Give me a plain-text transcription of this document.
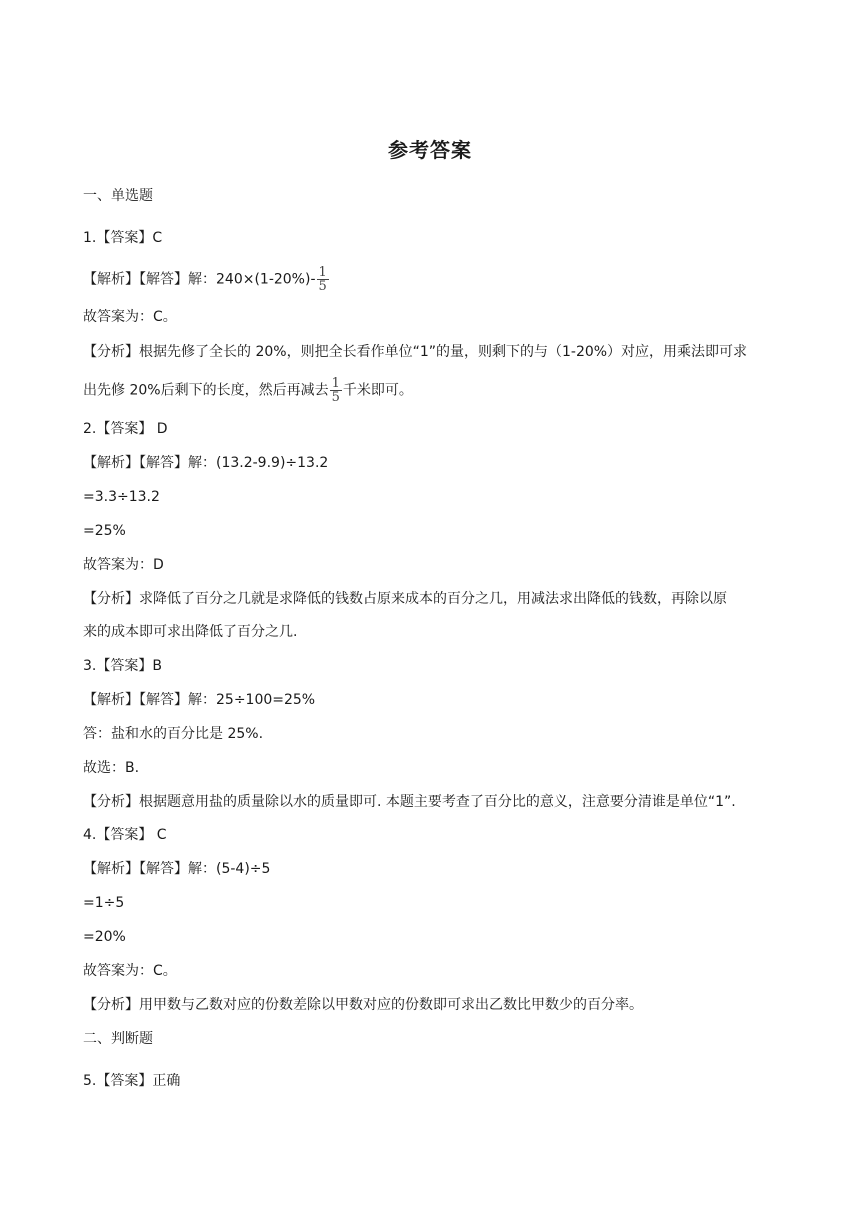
参考答案
一、单选题
1.【答案】C
【解析】【解答】解：$240\times(1-20\%)- \frac{1}{5}$
故答案为：C。
【分析】根据先修了全长的 20%，则把全长看作单位“1”的量，则剩下的与（1-20%）对应，用乘法即可求
出先修 20%后剩下的长度，然后再减去 $\frac{1}{5}$ 千米即可。
2.【答案】 D
【解析】【解答】解：(13.2-9.9)÷13.2
=3.3÷13.2
=25%
故答案为：D
【分析】求降低了百分之几就是求降低的钱数占原来成本的百分之几，用减法求出降低的钱数，再除以原
来的成本即可求出降低了百分之几.
3.【答案】B
【解析】【解答】解：25÷100=25%
答：盐和水的百分比是 25%.
故选：B.
【分析】根据题意用盐的质量除以水的质量即可. 本题主要考查了百分比的意义，注意要分清谁是单位“1”.
4.【答案】 C
【解析】【解答】解：(5-4)÷5
=1÷5
=20%
故答案为：C。
【分析】用甲数与乙数对应的份数差除以甲数对应的份数即可求出乙数比甲数少的百分率。
二、判断题
5.【答案】正确
